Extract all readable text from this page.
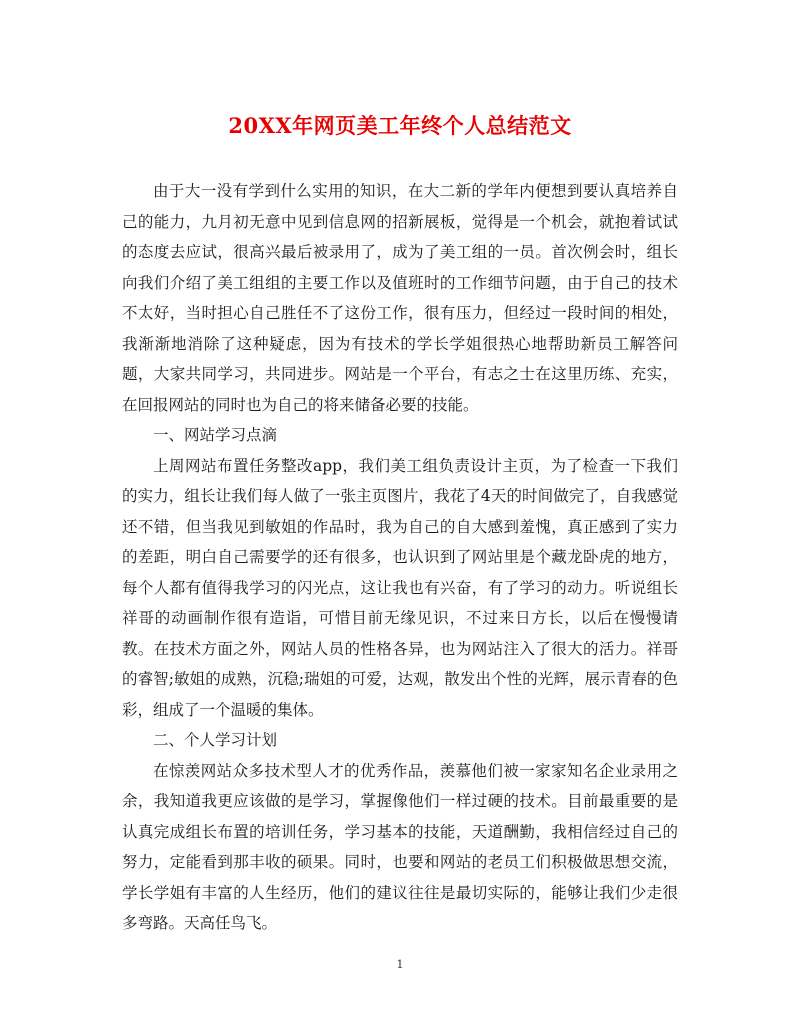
20XX年网页美工年终个人总结范文

由于大一没有学到什么实用的知识，在大二新的学年内便想到要认真培养自己的能力，九月初无意中见到信息网的招新展板，觉得是一个机会，就抱着试试的态度去应试，很高兴最后被录用了，成为了美工组的一员。首次例会时，组长向我们介绍了美工组组的主要工作以及值班时的工作细节问题，由于自己的技术不太好，当时担心自己胜任不了这份工作，很有压力，但经过一段时间的相处，我渐渐地消除了这种疑虑，因为有技术的学长学姐很热心地帮助新员工解答问题，大家共同学习，共同进步。网站是一个平台，有志之士在这里历练、充实，在回报网站的同时也为自己的将来储备必要的技能。

一、网站学习点滴

上周网站布置任务整改app，我们美工组负责设计主页，为了检查一下我们的实力，组长让我们每人做了一张主页图片，我花了4天的时间做完了，自我感觉还不错，但当我见到敏姐的作品时，我为自己的自大感到羞愧，真正感到了实力的差距，明白自己需要学的还有很多，也认识到了网站里是个藏龙卧虎的地方，每个人都有值得我学习的闪光点，这让我也有兴奋，有了学习的动力。听说组长祥哥的动画制作很有造诣，可惜目前无缘见识，不过来日方长，以后在慢慢请教。在技术方面之外，网站人员的性格各异，也为网站注入了很大的活力。祥哥的睿智;敏姐的成熟，沉稳;瑞姐的可爱，达观，散发出个性的光辉，展示青春的色彩，组成了一个温暖的集体。

二、个人学习计划

在惊羡网站众多技术型人才的优秀作品，羡慕他们被一家家知名企业录用之余，我知道我更应该做的是学习，掌握像他们一样过硬的技术。目前最重要的是认真完成组长布置的培训任务，学习基本的技能，天道酬勤，我相信经过自己的努力，定能看到那丰收的硕果。同时，也要和网站的老员工们积极做思想交流，学长学姐有丰富的人生经历，他们的建议往往是最切实际的，能够让我们少走很多弯路。天高任鸟飞。

1
